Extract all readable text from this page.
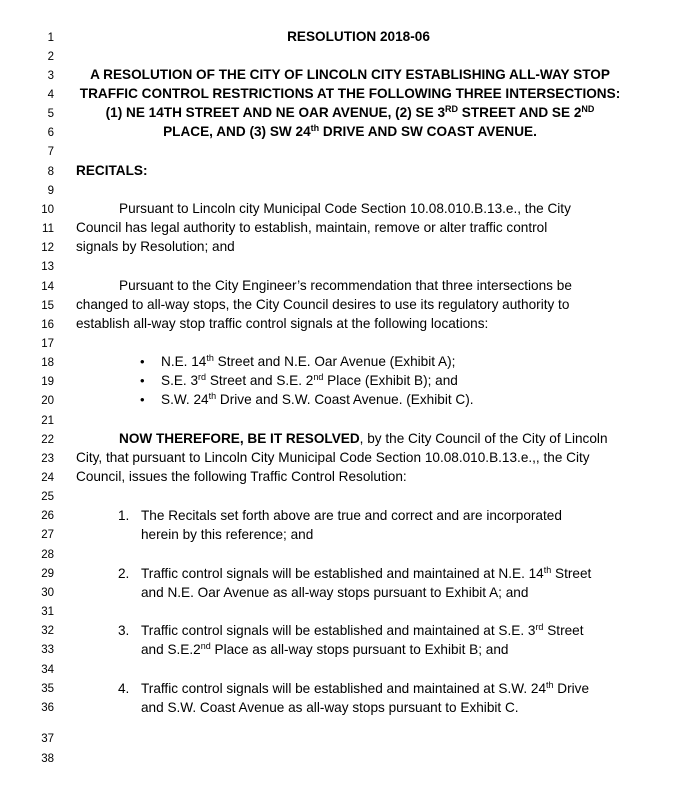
1
2
3
4
5
6
7
8
9
10
11
12
13
14
15
16
17
18
19
20
21
22
23
24
25
26
27
28
29
30
31
32
33
34
35
36
37
38
RESOLUTION 2018-06
A RESOLUTION OF THE CITY OF LINCOLN CITY ESTABLISHING ALL-WAY STOP
TRAFFIC CONTROL RESTRICTIONS AT THE FOLLOWING THREE INTERSECTIONS:
(1) NE 14TH STREET AND NE OAR AVENUE, (2) SE 3RD STREET AND SE 2ND
PLACE, AND (3) SW 24th DRIVE AND SW COAST AVENUE.
RECITALS:
Pursuant to Lincoln city Municipal Code Section 10.08.010.B.13.e., the City
Council has legal authority to establish, maintain, remove or alter traffic control
signals by Resolution; and
Pursuant to the City Engineer’s recommendation that three intersections be
changed to all-way stops, the City Council desires to use its regulatory authority to
establish all-way stop traffic control signals at the following locations:
• N.E. 14th Street and N.E. Oar Avenue (Exhibit A);
• S.E. 3rd Street and S.E. 2nd Place (Exhibit B); and
• S.W. 24th Drive and S.W. Coast Avenue. (Exhibit C).
NOW THEREFORE, BE IT RESOLVED, by the City Council of the City of Lincoln
City, that pursuant to Lincoln City Municipal Code Section 10.08.010.B.13.e.,, the City
Council, issues the following Traffic Control Resolution:
1. The Recitals set forth above are true and correct and are incorporated
herein by this reference; and
2. Traffic control signals will be established and maintained at N.E. 14th Street
and N.E. Oar Avenue as all-way stops pursuant to Exhibit A; and
3. Traffic control signals will be established and maintained at S.E. 3rd Street
and S.E.2nd Place as all-way stops pursuant to Exhibit B; and
4. Traffic control signals will be established and maintained at S.W. 24th Drive
and S.W. Coast Avenue as all-way stops pursuant to Exhibit C.
